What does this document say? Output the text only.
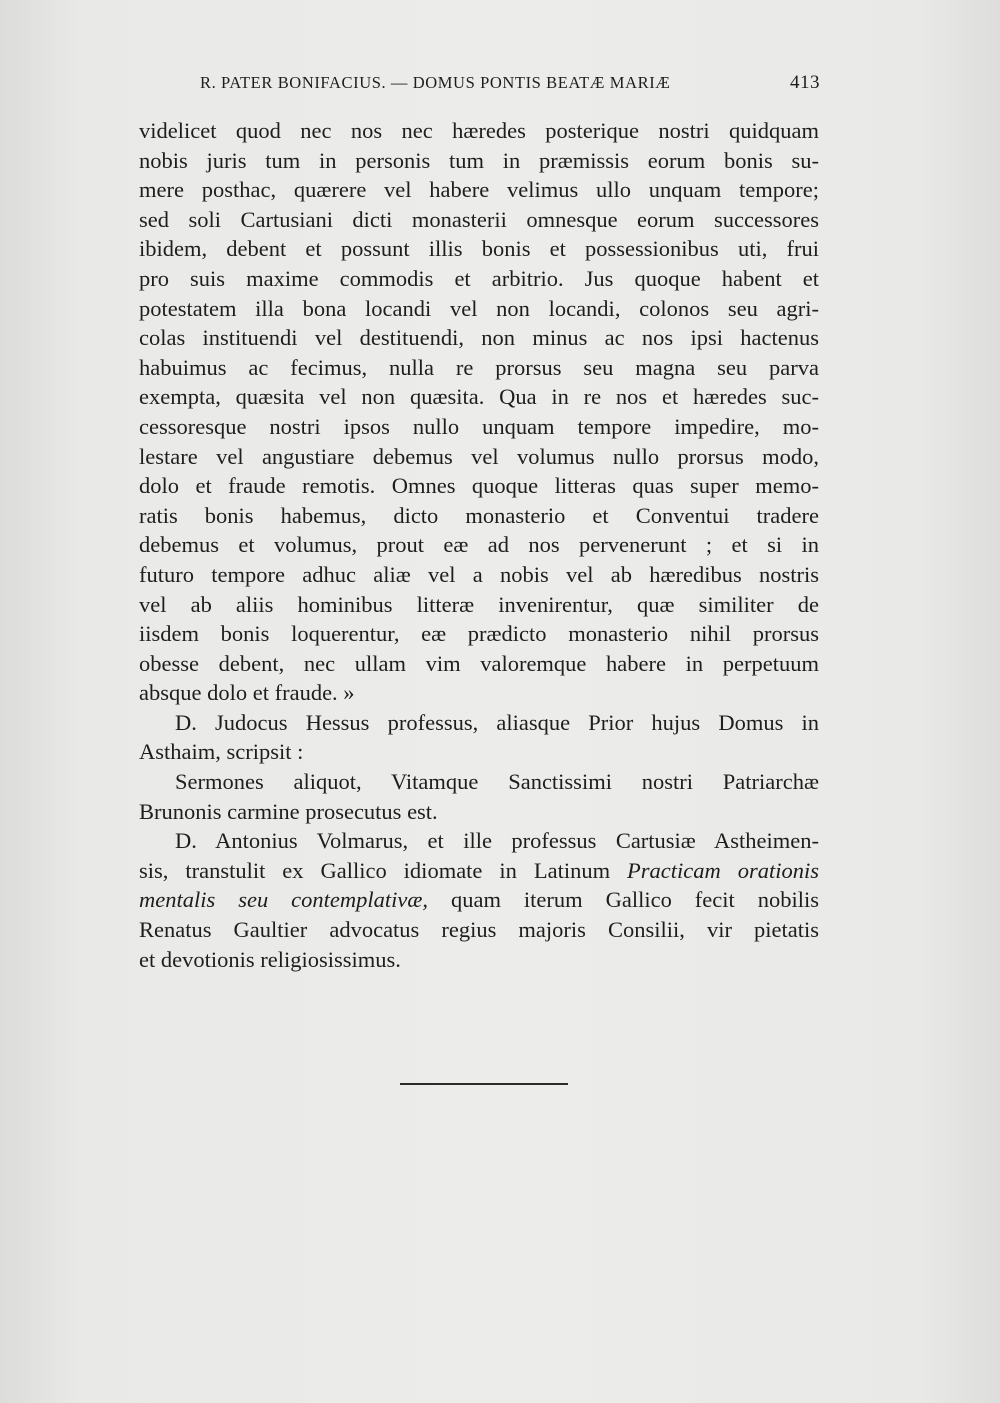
R. PATER BONIFACIUS. — DOMUS PONTIS BEATÆ MARIÆ	413
videlicet quod nec nos nec hæredes posterique nostri quidquam
nobis juris tum in personis tum in præmissis eorum bonis su-
mere posthac, quærere vel habere velimus ullo unquam tempore;
sed soli Cartusiani dicti monasterii omnesque eorum successores
ibidem, debent et possunt illis bonis et possessionibus uti, frui
pro suis maxime commodis et arbitrio. Jus quoque habent et
potestatem illa bona locandi vel non locandi, colonos seu agri-
colas instituendi vel destituendi, non minus ac nos ipsi hactenus
habuimus ac fecimus, nulla re prorsus seu magna seu parva
exempta, quæsita vel non quæsita. Qua in re nos et hæredes suc-
cessoresque nostri ipsos nullo unquam tempore impedire, mo-
lestare vel angustiare debemus vel volumus nullo prorsus modo,
dolo et fraude remotis. Omnes quoque litteras quas super memo-
ratis bonis habemus, dicto monasterio et Conventui tradere
debemus et volumus, prout eæ ad nos pervenerunt ; et si in
futuro tempore adhuc aliæ vel a nobis vel ab hæredibus nostris
vel ab aliis hominibus litteræ invenirentur, quæ similiter de
iisdem bonis loquerentur, eæ prædicto monasterio nihil prorsus
obesse debent, nec ullam vim valoremque habere in perpetuum
absque dolo et fraude. »
D. Judocus Hessus professus, aliasque Prior hujus Domus in
Asthaim, scripsit :
Sermones aliquot, Vitamque Sanctissimi nostri Patriarchæ
Brunonis carmine prosecutus est.
D. Antonius Volmarus, et ille professus Cartusiæ Astheimen-
sis, transtulit ex Gallico idiomate in Latinum Practicam orationis
mentalis seu contemplativæ, quam iterum Gallico fecit nobilis
Renatus Gaultier advocatus regius majoris Consilii, vir pietatis
et devotionis religiosissimus.
